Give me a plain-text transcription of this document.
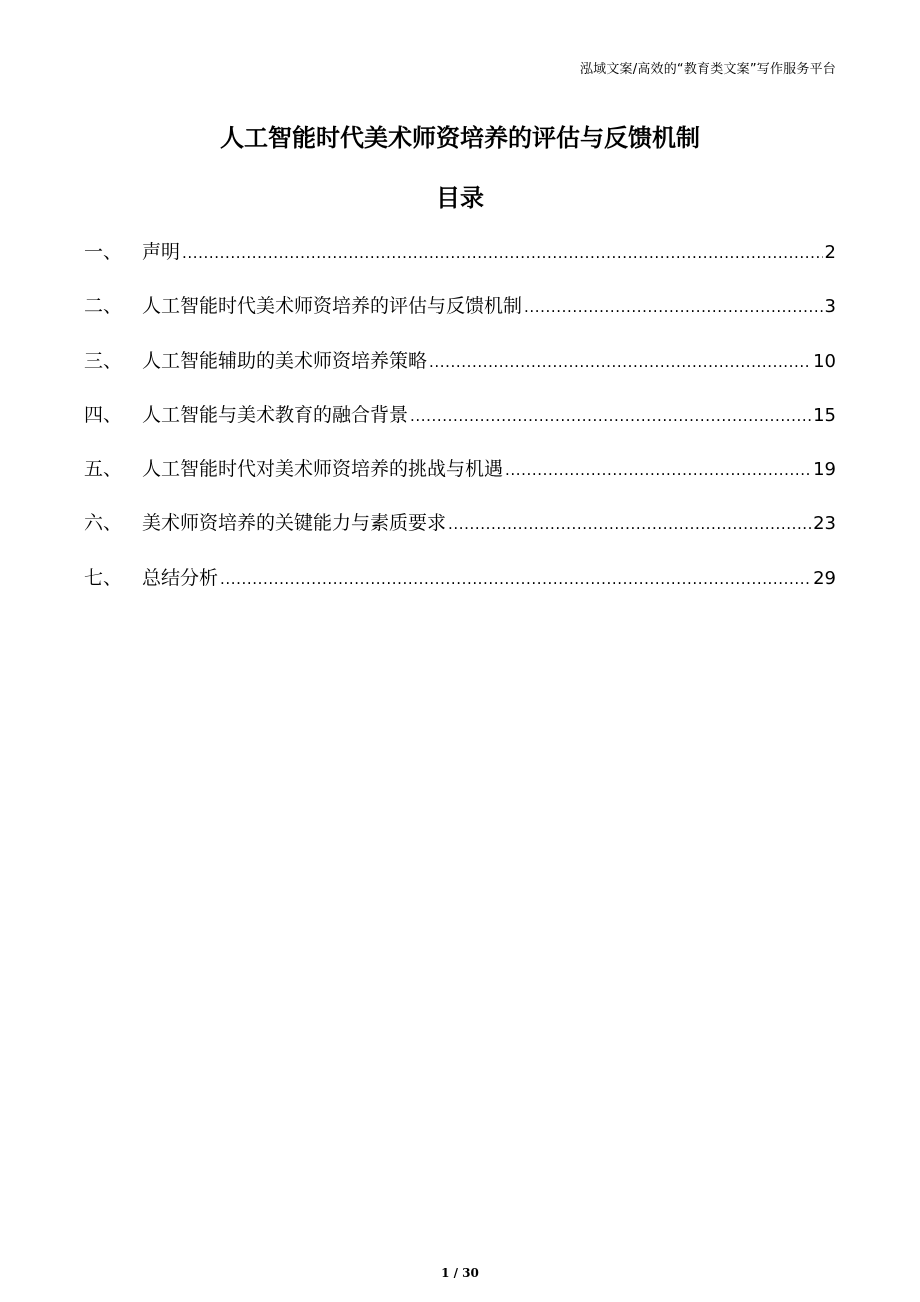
泓域文案/高效的“教育类文案”写作服务平台
人工智能时代美术师资培养的评估与反馈机制
目录
一、	声明 .....	2
二、	人工智能时代美术师资培养的评估与反馈机制 .....	3
三、	人工智能辅助的美术师资培养策略 .....	10
四、	人工智能与美术教育的融合背景 .....	15
五、	人工智能时代对美术师资培养的挑战与机遇 .....	19
六、	美术师资培养的关键能力与素质要求 .....	23
七、	总结分析 .....	29
1 / 30
